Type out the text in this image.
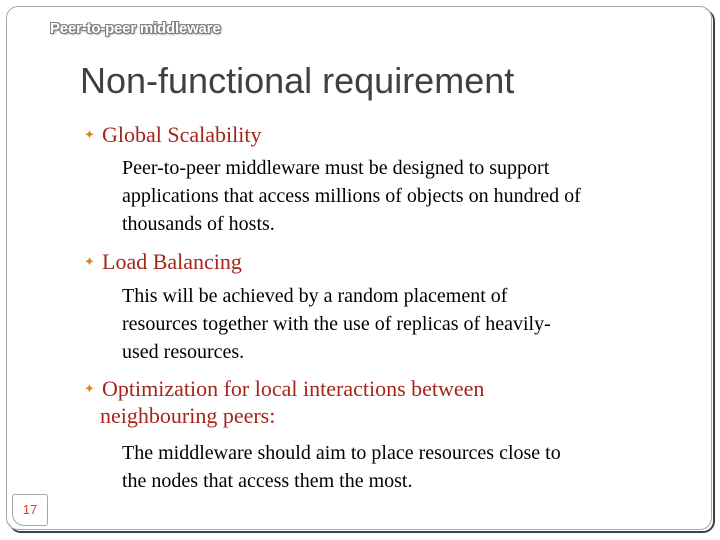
Peer-to-peer middleware
Non-functional requirement
✦ Global Scalability
Peer-to-peer middleware must be designed to support
applications that access millions of objects on hundred of
thousands of hosts.
✦ Load Balancing
This will be achieved by a random placement of
resources together with the use of replicas of heavily-
used resources.
✦ Optimization for local interactions between
neighbouring peers:
The middleware should aim to place resources close to
the nodes that access them the most.
17
